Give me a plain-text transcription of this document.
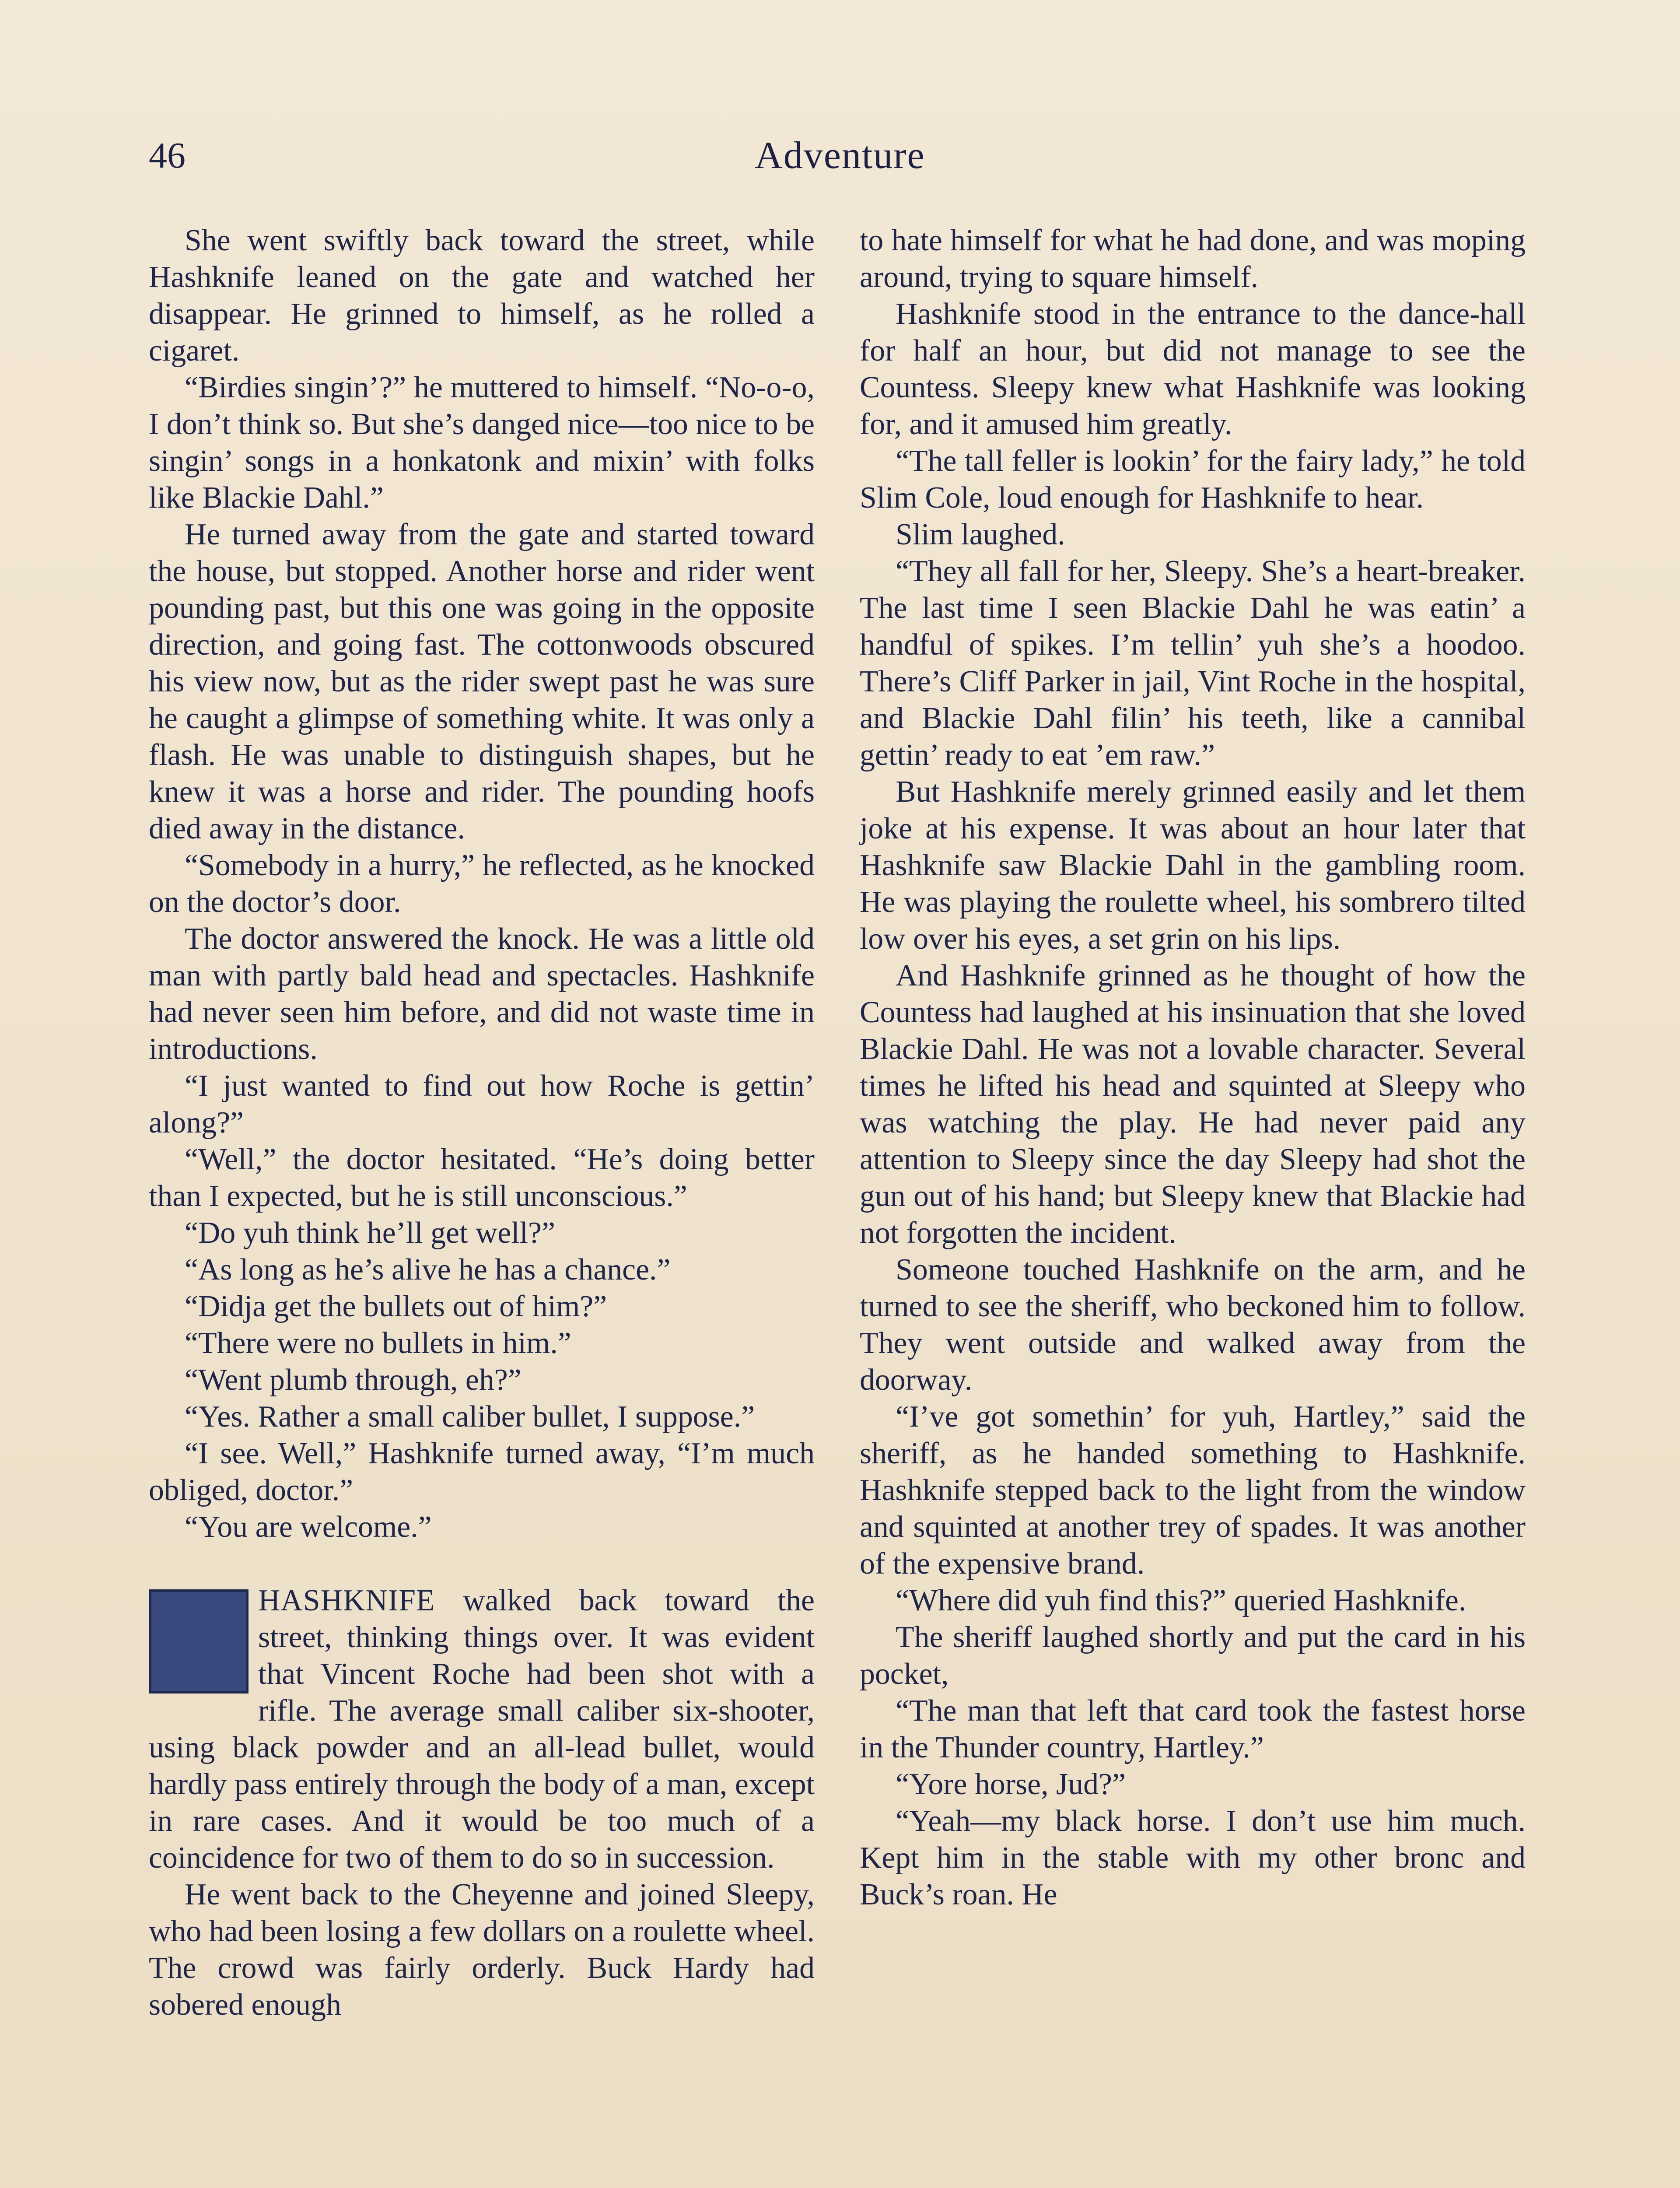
46	Adventure

She went swiftly back toward the street, while Hashknife leaned on the gate and watched her disappear. He grinned to himself, as he rolled a cigaret.

“Birdies singin’?” he muttered to himself. “No-o-o, I don’t think so. But she’s danged nice—too nice to be singin’ songs in a honkatonk and mixin’ with folks like Blackie Dahl.”

He turned away from the gate and started toward the house, but stopped. Another horse and rider went pounding past, but this one was going in the opposite direction, and going fast. The cottonwoods obscured his view now, but as the rider swept past he was sure he caught a glimpse of something white. It was only a flash. He was unable to distinguish shapes, but he knew it was a horse and rider. The pounding hoofs died away in the distance.

“Somebody in a hurry,” he reflected, as he knocked on the doctor’s door.

The doctor answered the knock. He was a little old man with partly bald head and spectacles. Hashknife had never seen him before, and did not waste time in introductions.

“I just wanted to find out how Roche is gettin’ along?”

“Well,” the doctor hesitated. “He’s doing better than I expected, but he is still unconscious.”

“Do yuh think he’ll get well?”

“As long as he’s alive he has a chance.”

“Didja get the bullets out of him?”

“There were no bullets in him.”

“Went plumb through, eh?”

“Yes. Rather a small caliber bullet, I suppose.”

“I see. Well,” Hashknife turned away, “I’m much obliged, doctor.”

“You are welcome.”

HASHKNIFE walked back toward the street, thinking things over. It was evident that Vincent Roche had been shot with a rifle. The average small caliber six-shooter, using black powder and an all-lead bullet, would hardly pass entirely through the body of a man, except in rare cases. And it would be too much of a coincidence for two of them to do so in succession.

He went back to the Cheyenne and joined Sleepy, who had been losing a few dollars on a roulette wheel. The crowd was fairly orderly. Buck Hardy had sobered enough

to hate himself for what he had done, and was moping around, trying to square himself.

Hashknife stood in the entrance to the dance-hall for half an hour, but did not manage to see the Countess. Sleepy knew what Hashknife was looking for, and it amused him greatly.

“The tall feller is lookin’ for the fairy lady,” he told Slim Cole, loud enough for Hashknife to hear.

Slim laughed.

“They all fall for her, Sleepy. She’s a heart-breaker. The last time I seen Blackie Dahl he was eatin’ a handful of spikes. I’m tellin’ yuh she’s a hoodoo. There’s Cliff Parker in jail, Vint Roche in the hospital, and Blackie Dahl filin’ his teeth, like a cannibal gettin’ ready to eat ’em raw.”

But Hashknife merely grinned easily and let them joke at his expense. It was about an hour later that Hashknife saw Blackie Dahl in the gambling room. He was playing the roulette wheel, his sombrero tilted low over his eyes, a set grin on his lips.

And Hashknife grinned as he thought of how the Countess had laughed at his insinuation that she loved Blackie Dahl. He was not a lovable character. Several times he lifted his head and squinted at Sleepy who was watching the play. He had never paid any attention to Sleepy since the day Sleepy had shot the gun out of his hand; but Sleepy knew that Blackie had not forgotten the incident.

Someone touched Hashknife on the arm, and he turned to see the sheriff, who beckoned him to follow. They went outside and walked away from the doorway.

“I’ve got somethin’ for yuh, Hartley,” said the sheriff, as he handed something to Hashknife. Hashknife stepped back to the light from the window and squinted at another trey of spades. It was another of the expensive brand.

“Where did yuh find this?” queried Hashknife.

The sheriff laughed shortly and put the card in his pocket,

“The man that left that card took the fastest horse in the Thunder country, Hartley.”

“Yore horse, Jud?”

“Yeah—my black horse. I don’t use him much. Kept him in the stable with my other bronc and Buck’s roan. He
